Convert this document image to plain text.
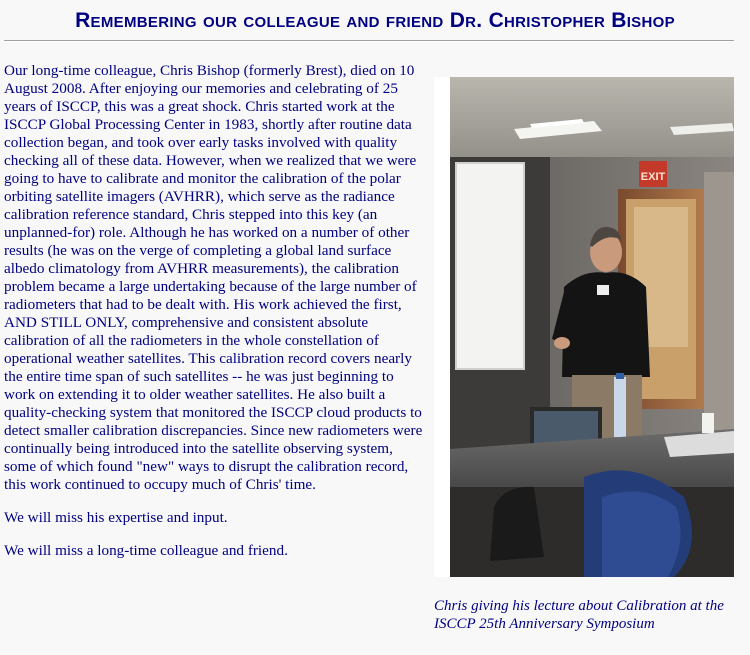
Remembering our colleague and friend Dr. Christopher Bishop

Our long-time colleague, Chris Bishop (formerly Brest), died on 10 August 2008. After enjoying our memories and celebrating of 25 years of ISCCP, this was a great shock. Chris started work at the ISCCP Global Processing Center in 1983, shortly after routine data collection began, and took over early tasks involved with quality checking all of these data. However, when we realized that we were going to have to calibrate and monitor the calibration of the polar orbiting satellite imagers (AVHRR), which serve as the radiance calibration reference standard, Chris stepped into this key (an unplanned-for) role. Although he has worked on a number of other results (he was on the verge of completing a global land surface albedo climatology from AVHRR measurements), the calibration problem became a large undertaking because of the large number of radiometers that had to be dealt with. His work achieved the first, AND STILL ONLY, comprehensive and consistent absolute calibration of all the radiometers in the whole constellation of operational weather satellites. This calibration record covers nearly the entire time span of such satellites -- he was just beginning to work on extending it to older weather satellites. He also built a quality-checking system that monitored the ISCCP cloud products to detect smaller calibration discrepancies. Since new radiometers were continually being introduced into the satellite observing system, some of which found "new" ways to disrupt the calibration record, this work continued to occupy much of Chris' time.

We will miss his expertise and input.

We will miss a long-time colleague and friend.

EXIT
Chris giving his lecture about Calibration at the ISCCP 25th Anniversary Symposium
